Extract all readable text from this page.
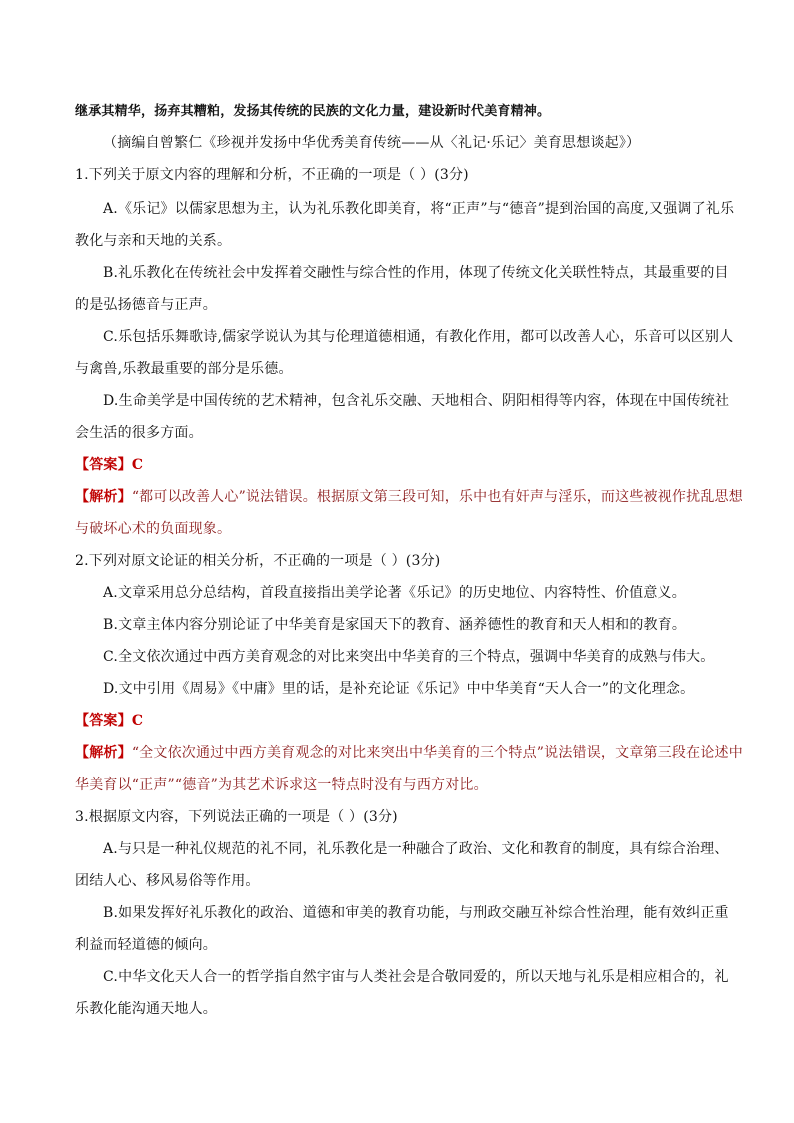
继承其精华，扬弃其糟粕，发扬其传统的民族的文化力量，建设新时代美育精神。
（摘编自曾繁仁《珍视并发扬中华优秀美育传统——从〈礼记·乐记〉美育思想谈起》）
1.下列关于原文内容的理解和分析，不正确的一项是（ ）(3分)
A.《乐记》以儒家思想为主，认为礼乐教化即美育，将“正声”与“德音”提到治国的高度,又强调了礼乐
教化与亲和天地的关系。
B.礼乐教化在传统社会中发挥着交融性与综合性的作用，体现了传统文化关联性特点，其最重要的目
的是弘扬德音与正声。
C.乐包括乐舞歌诗,儒家学说认为其与伦理道德相通，有教化作用，都可以改善人心，乐音可以区别人
与禽兽,乐教最重要的部分是乐德。
D.生命美学是中国传统的艺术精神，包含礼乐交融、天地相合、阴阳相得等内容，体现在中国传统社
会生活的很多方面。
【答案】C
【解析】“都可以改善人心”说法错误。根据原文第三段可知，乐中也有奸声与淫乐，而这些被视作扰乱思想
与破坏心术的负面现象。
2.下列对原文论证的相关分析，不正确的一项是（ ）(3分)
A.文章采用总分总结构，首段直接指出美学论著《乐记》的历史地位、内容特性、价值意义。
B.文章主体内容分别论证了中华美育是家国天下的教育、涵养德性的教育和天人相和的教育。
C.全文依次通过中西方美育观念的对比来突出中华美育的三个特点，强调中华美育的成熟与伟大。
D.文中引用《周易》《中庸》里的话，是补充论证《乐记》中中华美育“天人合一”的文化理念。
【答案】C
【解析】“全文依次通过中西方美育观念的对比来突出中华美育的三个特点”说法错误，文章第三段在论述中
华美育以“正声”“德音”为其艺术诉求这一特点时没有与西方对比。
3.根据原文内容，下列说法正确的一项是（ ）(3分)
A.与只是一种礼仪规范的礼不同，礼乐教化是一种融合了政治、文化和教育的制度，具有综合治理、
团结人心、移风易俗等作用。
B.如果发挥好礼乐教化的政治、道德和审美的教育功能，与刑政交融互补综合性治理，能有效纠正重
利益而轻道德的倾向。
C.中华文化天人合一的哲学指自然宇宙与人类社会是合敬同爱的，所以天地与礼乐是相应相合的，礼
乐教化能沟通天地人。
